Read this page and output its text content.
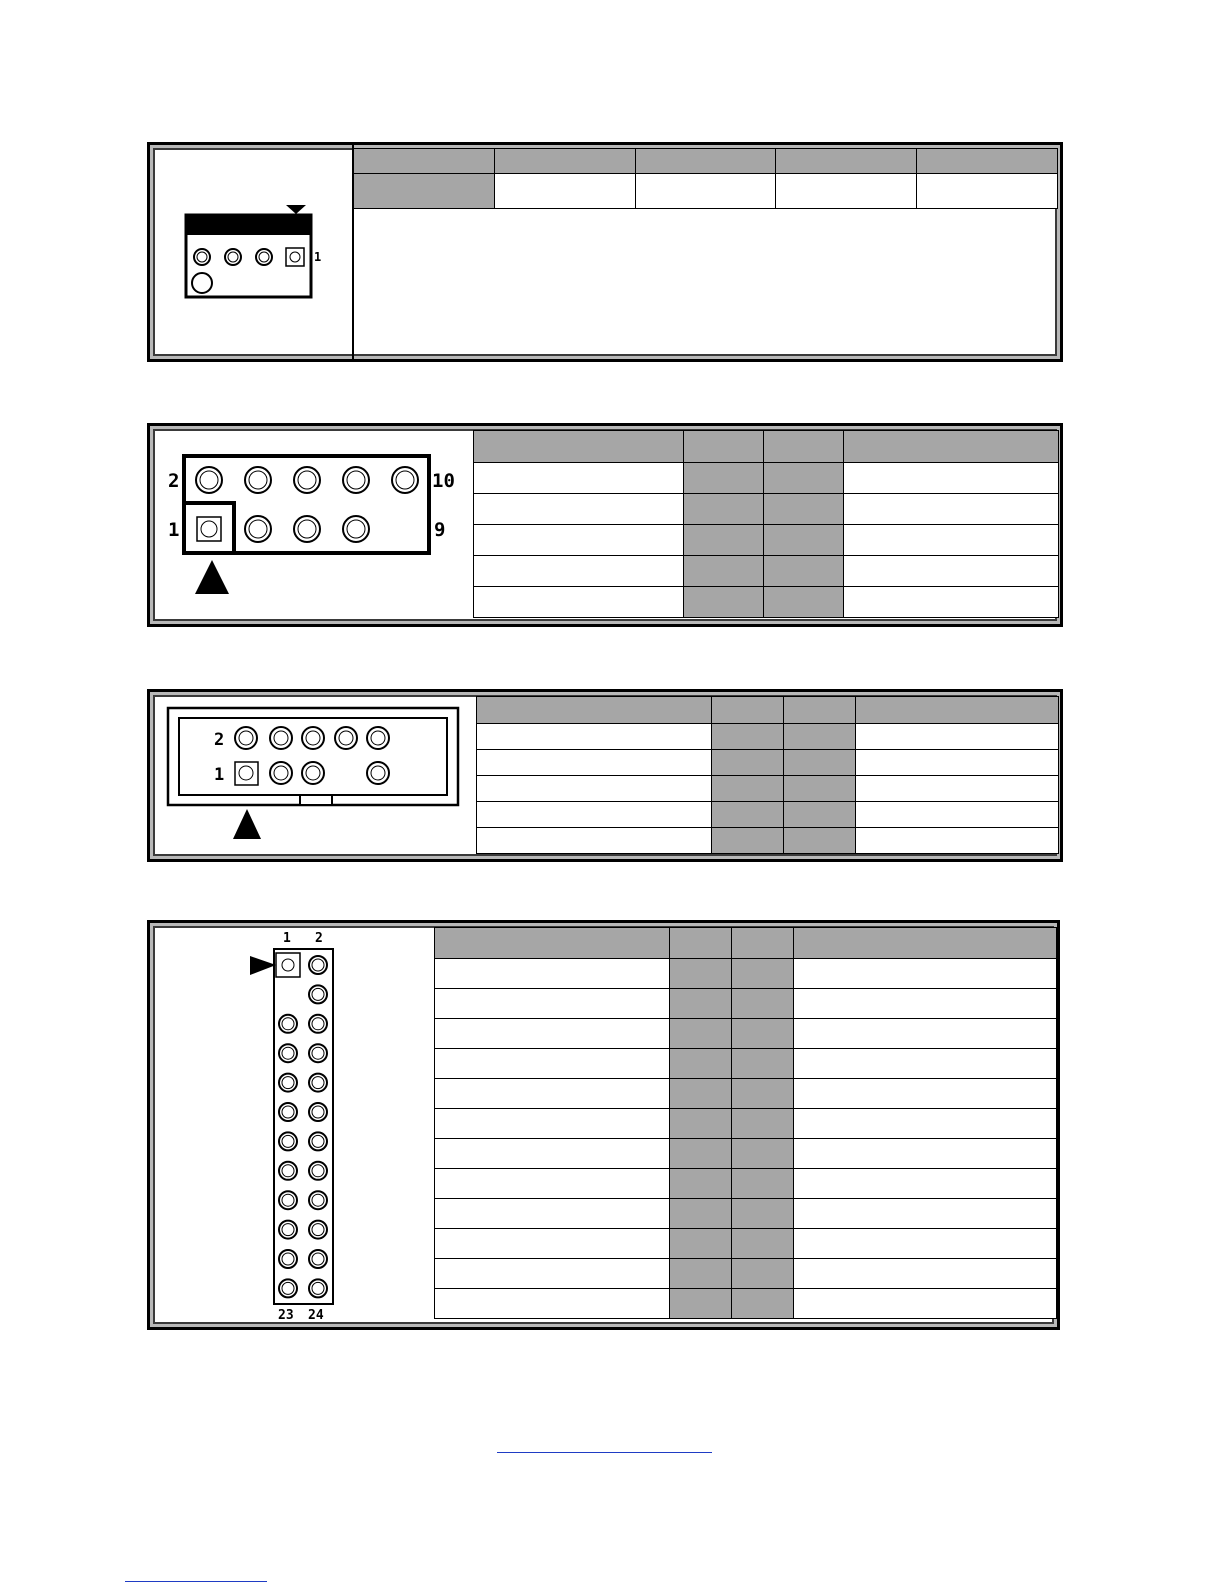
1

2	10
1	9

2
1

1 2
23 24
